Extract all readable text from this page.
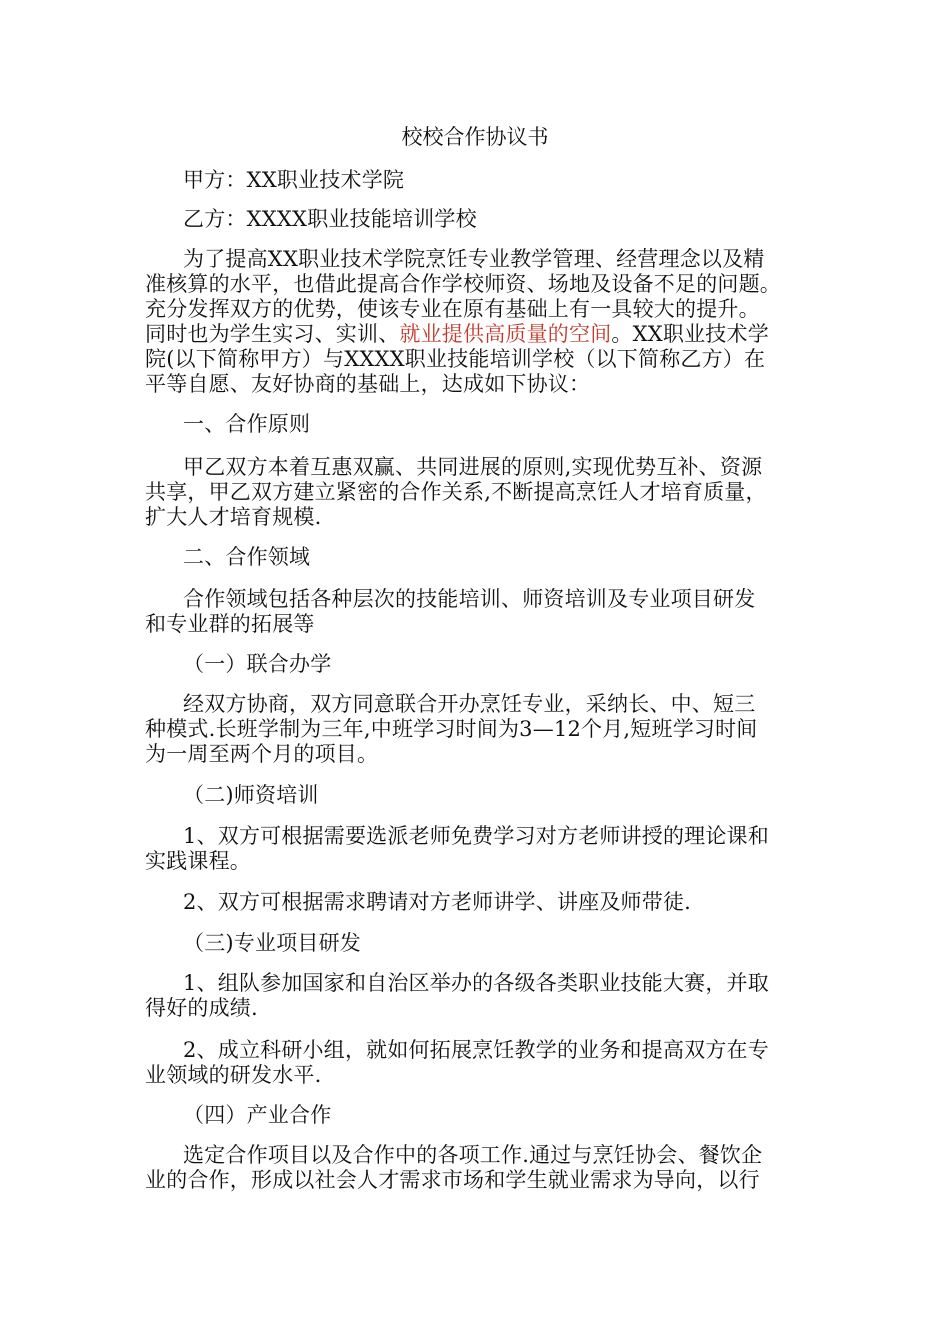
校校合作协议书
甲方：XX职业技术学院
乙方：XXXX职业技能培训学校
为了提高XX职业技术学院烹饪专业教学管理、经营理念以及精
准核算的水平，也借此提高合作学校师资、场地及设备不足的问题。
充分发挥双方的优势，使该专业在原有基础上有一具较大的提升。
同时也为学生实习、实训、就业提供高质量的空间。XX职业技术学
院(以下简称甲方）与XXXX职业技能培训学校（以下简称乙方）在
平等自愿、友好协商的基础上，达成如下协议：
一、合作原则
甲乙双方本着互惠双赢、共同进展的原则,实现优势互补、资源
共享，甲乙双方建立紧密的合作关系,不断提高烹饪人才培育质量，
扩大人才培育规模.
二、合作领域
合作领域包括各种层次的技能培训、师资培训及专业项目研发
和专业群的拓展等
（一）联合办学
经双方协商，双方同意联合开办烹饪专业，采纳长、中、短三
种模式.长班学制为三年,中班学习时间为3—12个月,短班学习时间
为一周至两个月的项目。
（二)师资培训
1、双方可根据需要选派老师免费学习对方老师讲授的理论课和
实践课程。
2、双方可根据需求聘请对方老师讲学、讲座及师带徒.
（三)专业项目研发
1、组队参加国家和自治区举办的各级各类职业技能大赛，并取
得好的成绩.
2、成立科研小组，就如何拓展烹饪教学的业务和提高双方在专
业领域的研发水平.
（四）产业合作
选定合作项目以及合作中的各项工作.通过与烹饪协会、餐饮企
业的合作，形成以社会人才需求市场和学生就业需求为导向，以行
